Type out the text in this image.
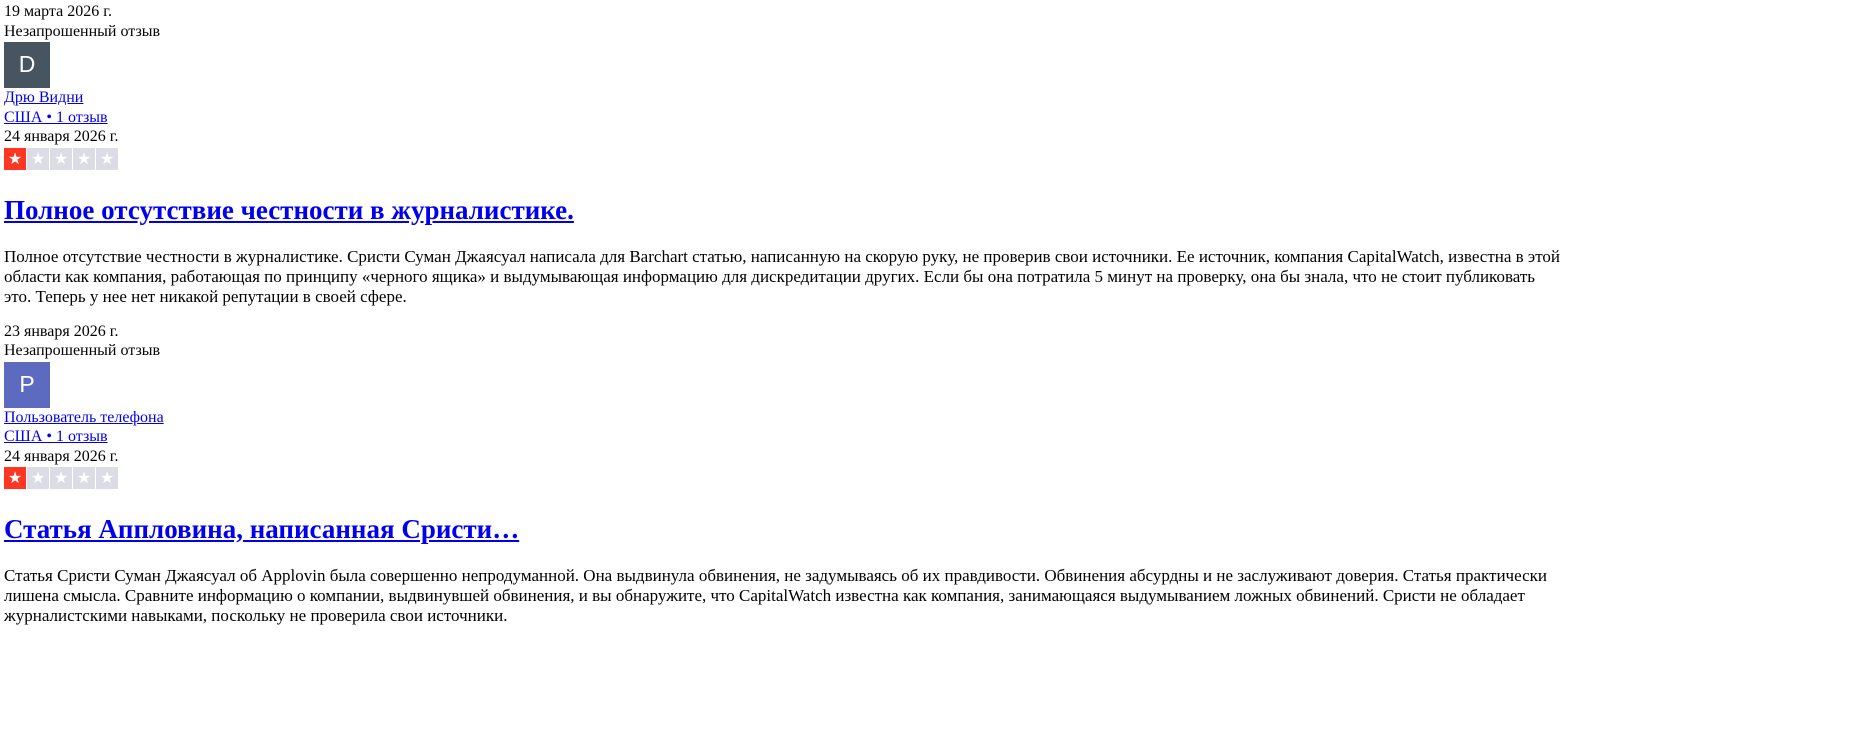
19 марта 2026 г.
Незапрошенный отзыв
D
Дрю Видни
США • 1 отзыв
24 января 2026 г.
★ ★ ★ ★ ★
Полное отсутствие честности в журналистике.

Полное отсутствие честности в журналистике. Сристи Суман Джаясуал написала для Barchart статью, написанную на скорую руку, не проверив свои источники. Ее источник, компания CapitalWatch, известна в этой области как компания, работающая по принципу «черного ящика» и выдумывающая информацию для дискредитации других. Если бы она потратила 5 минут на проверку, она бы знала, что не стоит публиковать это. Теперь у нее нет никакой репутации в своей сфере.

23 января 2026 г.
Незапрошенный отзыв
P
Пользователь телефона
США • 1 отзыв
24 января 2026 г.
★ ★ ★ ★ ★
Статья Аппловина, написанная Сристи…

Статья Сристи Суман Джаясуал об Applovin была совершенно непродуманной. Она выдвинула обвинения, не задумываясь об их правдивости. Обвинения абсурдны и не заслуживают доверия. Статья практически лишена смысла. Сравните информацию о компании, выдвинувшей обвинения, и вы обнаружите, что CapitalWatch известна как компания, занимающаяся выдумыванием ложных обвинений. Сристи не обладает журналистскими навыками, поскольку не проверила свои источники.
